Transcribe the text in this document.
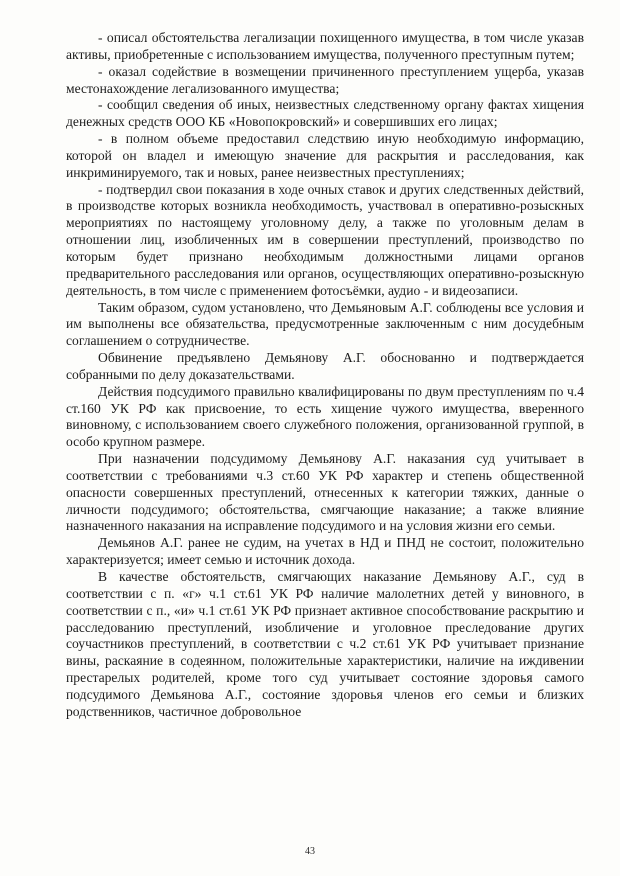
- описал обстоятельства легализации похищенного имущества, в том числе указав активы, приобретенные с использованием имущества, полученного преступным путем;

- оказал содействие в возмещении причиненного преступлением ущерба, указав местонахождение легализованного имущества;

- сообщил сведения об иных, неизвестных следственному органу фактах хищения денежных средств ООО КБ «Новопокровский» и совершивших его лицах;

- в полном объеме предоставил следствию иную необходимую информацию, которой он владел и имеющую значение для раскрытия и расследования, как инкриминируемого, так и новых, ранее неизвестных преступлениях;

- подтвердил свои показания в ходе очных ставок и других следственных действий, в производстве которых возникла необходимость, участвовал в оперативно-розыскных мероприятиях по настоящему уголовному делу, а также по уголовным делам в отношении лиц, изобличенных им в совершении преступлений, производство по которым будет признано необходимым должностными лицами органов предварительного расследования или органов, осуществляющих оперативно-розыскную деятельность, в том числе с применением фотосъёмки, аудио - и видеозаписи.

Таким образом, судом установлено, что Демьяновым А.Г. соблюдены все условия и им выполнены все обязательства, предусмотренные заключенным с ним досудебным соглашением о сотрудничестве.

Обвинение предъявлено Демьянову А.Г. обоснованно и подтверждается собранными по делу доказательствами.

Действия подсудимого правильно квалифицированы по двум преступлениям по ч.4 ст.160 УК РФ как присвоение, то есть хищение чужого имущества, вверенного виновному, с использованием своего служебного положения, организованной группой, в особо крупном размере.

При назначении подсудимому Демьянову А.Г. наказания суд учитывает в соответствии с требованиями ч.3 ст.60 УК РФ характер и степень общественной опасности совершенных преступлений, отнесенных к категории тяжких, данные о личности подсудимого; обстоятельства, смягчающие наказание; а также влияние назначенного наказания на исправление подсудимого и на условия жизни его семьи.

Демьянов А.Г. ранее не судим, на учетах в НД и ПНД не состоит, положительно характеризуется; имеет семью и источник дохода.

В качестве обстоятельств, смягчающих наказание Демьянову А.Г., суд в соответствии с п. «г» ч.1 ст.61 УК РФ наличие малолетних детей у виновного, в соответствии с п., «и» ч.1 ст.61 УК РФ признает активное способствование раскрытию и расследованию преступлений, изобличение и уголовное преследование других соучастников преступлений, в соответствии с ч.2 ст.61 УК РФ учитывает признание вины, раскаяние в содеянном, положительные характеристики, наличие на иждивении престарелых родителей, кроме того суд учитывает состояние здоровья самого подсудимого Демьянова А.Г., состояние здоровья членов его семьи и близких родственников, частичное добровольное

43
